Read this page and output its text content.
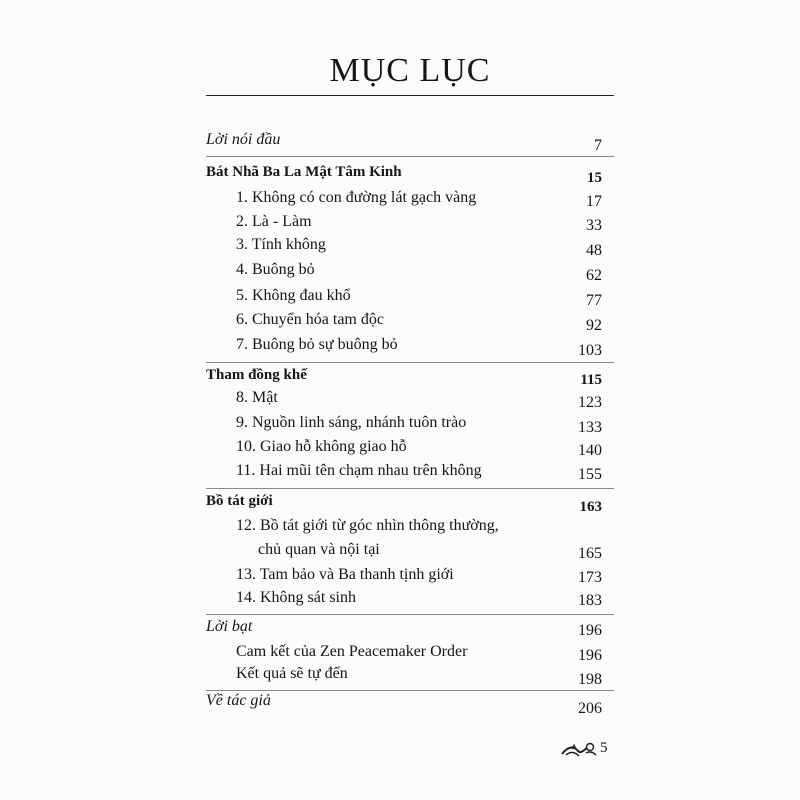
MỤC LỤC
Lời nói đầu	7
Bát Nhã Ba La Mật Tâm Kinh	15
1. Không có con đường lát gạch vàng	17
2. Là - Làm	33
3. Tính không	48
4. Buông bỏ	62
5. Không đau khổ	77
6. Chuyển hóa tam độc	92
7. Buông bỏ sự buông bỏ	103
Tham đồng khế	115
8. Mật	123
9. Nguồn linh sáng, nhánh tuôn trào	133
10. Giao hỗ không giao hỗ	140
11. Hai mũi tên chạm nhau trên không	155
Bồ tát giới	163
12. Bồ tát giới từ góc nhìn thông thường,
chủ quan và nội tại	165
13. Tam bảo và Ba thanh tịnh giới	173
14. Không sát sinh	183
Lời bạt	196
Cam kết của Zen Peacemaker Order	196
Kết quả sẽ tự đến	198
Về tác giả	206
5
